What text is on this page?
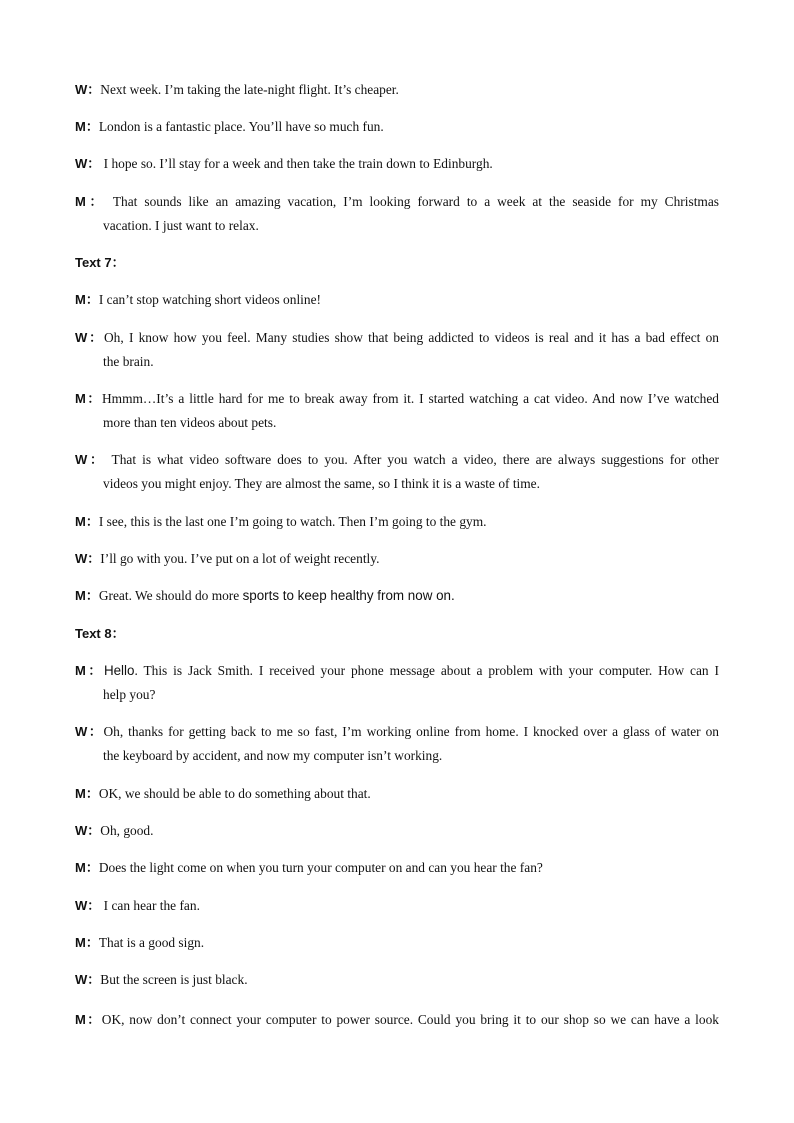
W：Next week. I’m taking the late-night flight. It’s cheaper.

M：London is a fantastic place. You’ll have so much fun.

W： I hope so. I’ll stay for a week and then take the train down to Edinburgh.

M： That sounds like an amazing vacation, I’m looking forward to a week at the seaside for my Christmas
vacation. I just want to relax.

Text 7：

M：I can’t stop watching short videos online!

W：Oh, I know how you feel. Many studies show that being addicted to videos is real and it has a bad effect on
the brain.

M：Hmmm…It’s a little hard for me to break away from it. I started watching a cat video. And now I’ve watched
more than ten videos about pets.

W： That is what video software does to you. After you watch a video, there are always suggestions for other
videos you might enjoy. They are almost the same, so I think it is a waste of time.

M：I see, this is the last one I’m going to watch. Then I’m going to the gym.

W：I’ll go with you. I’ve put on a lot of weight recently.

M：Great. We should do more sports to keep healthy from now on.

Text 8：

M：Hello. This is Jack Smith. I received your phone message about a problem with your computer. How can I
help you?

W：Oh, thanks for getting back to me so fast, I’m working online from home. I knocked over a glass of water on
the keyboard by accident, and now my computer isn’t working.

M：OK, we should be able to do something about that.

W：Oh, good.

M：Does the light come on when you turn your computer on and can you hear the fan?

W： I can hear the fan.

M：That is a good sign.

W：But the screen is just black.

M：OK, now don’t connect your computer to power source. Could you bring it to our shop so we can have a look
